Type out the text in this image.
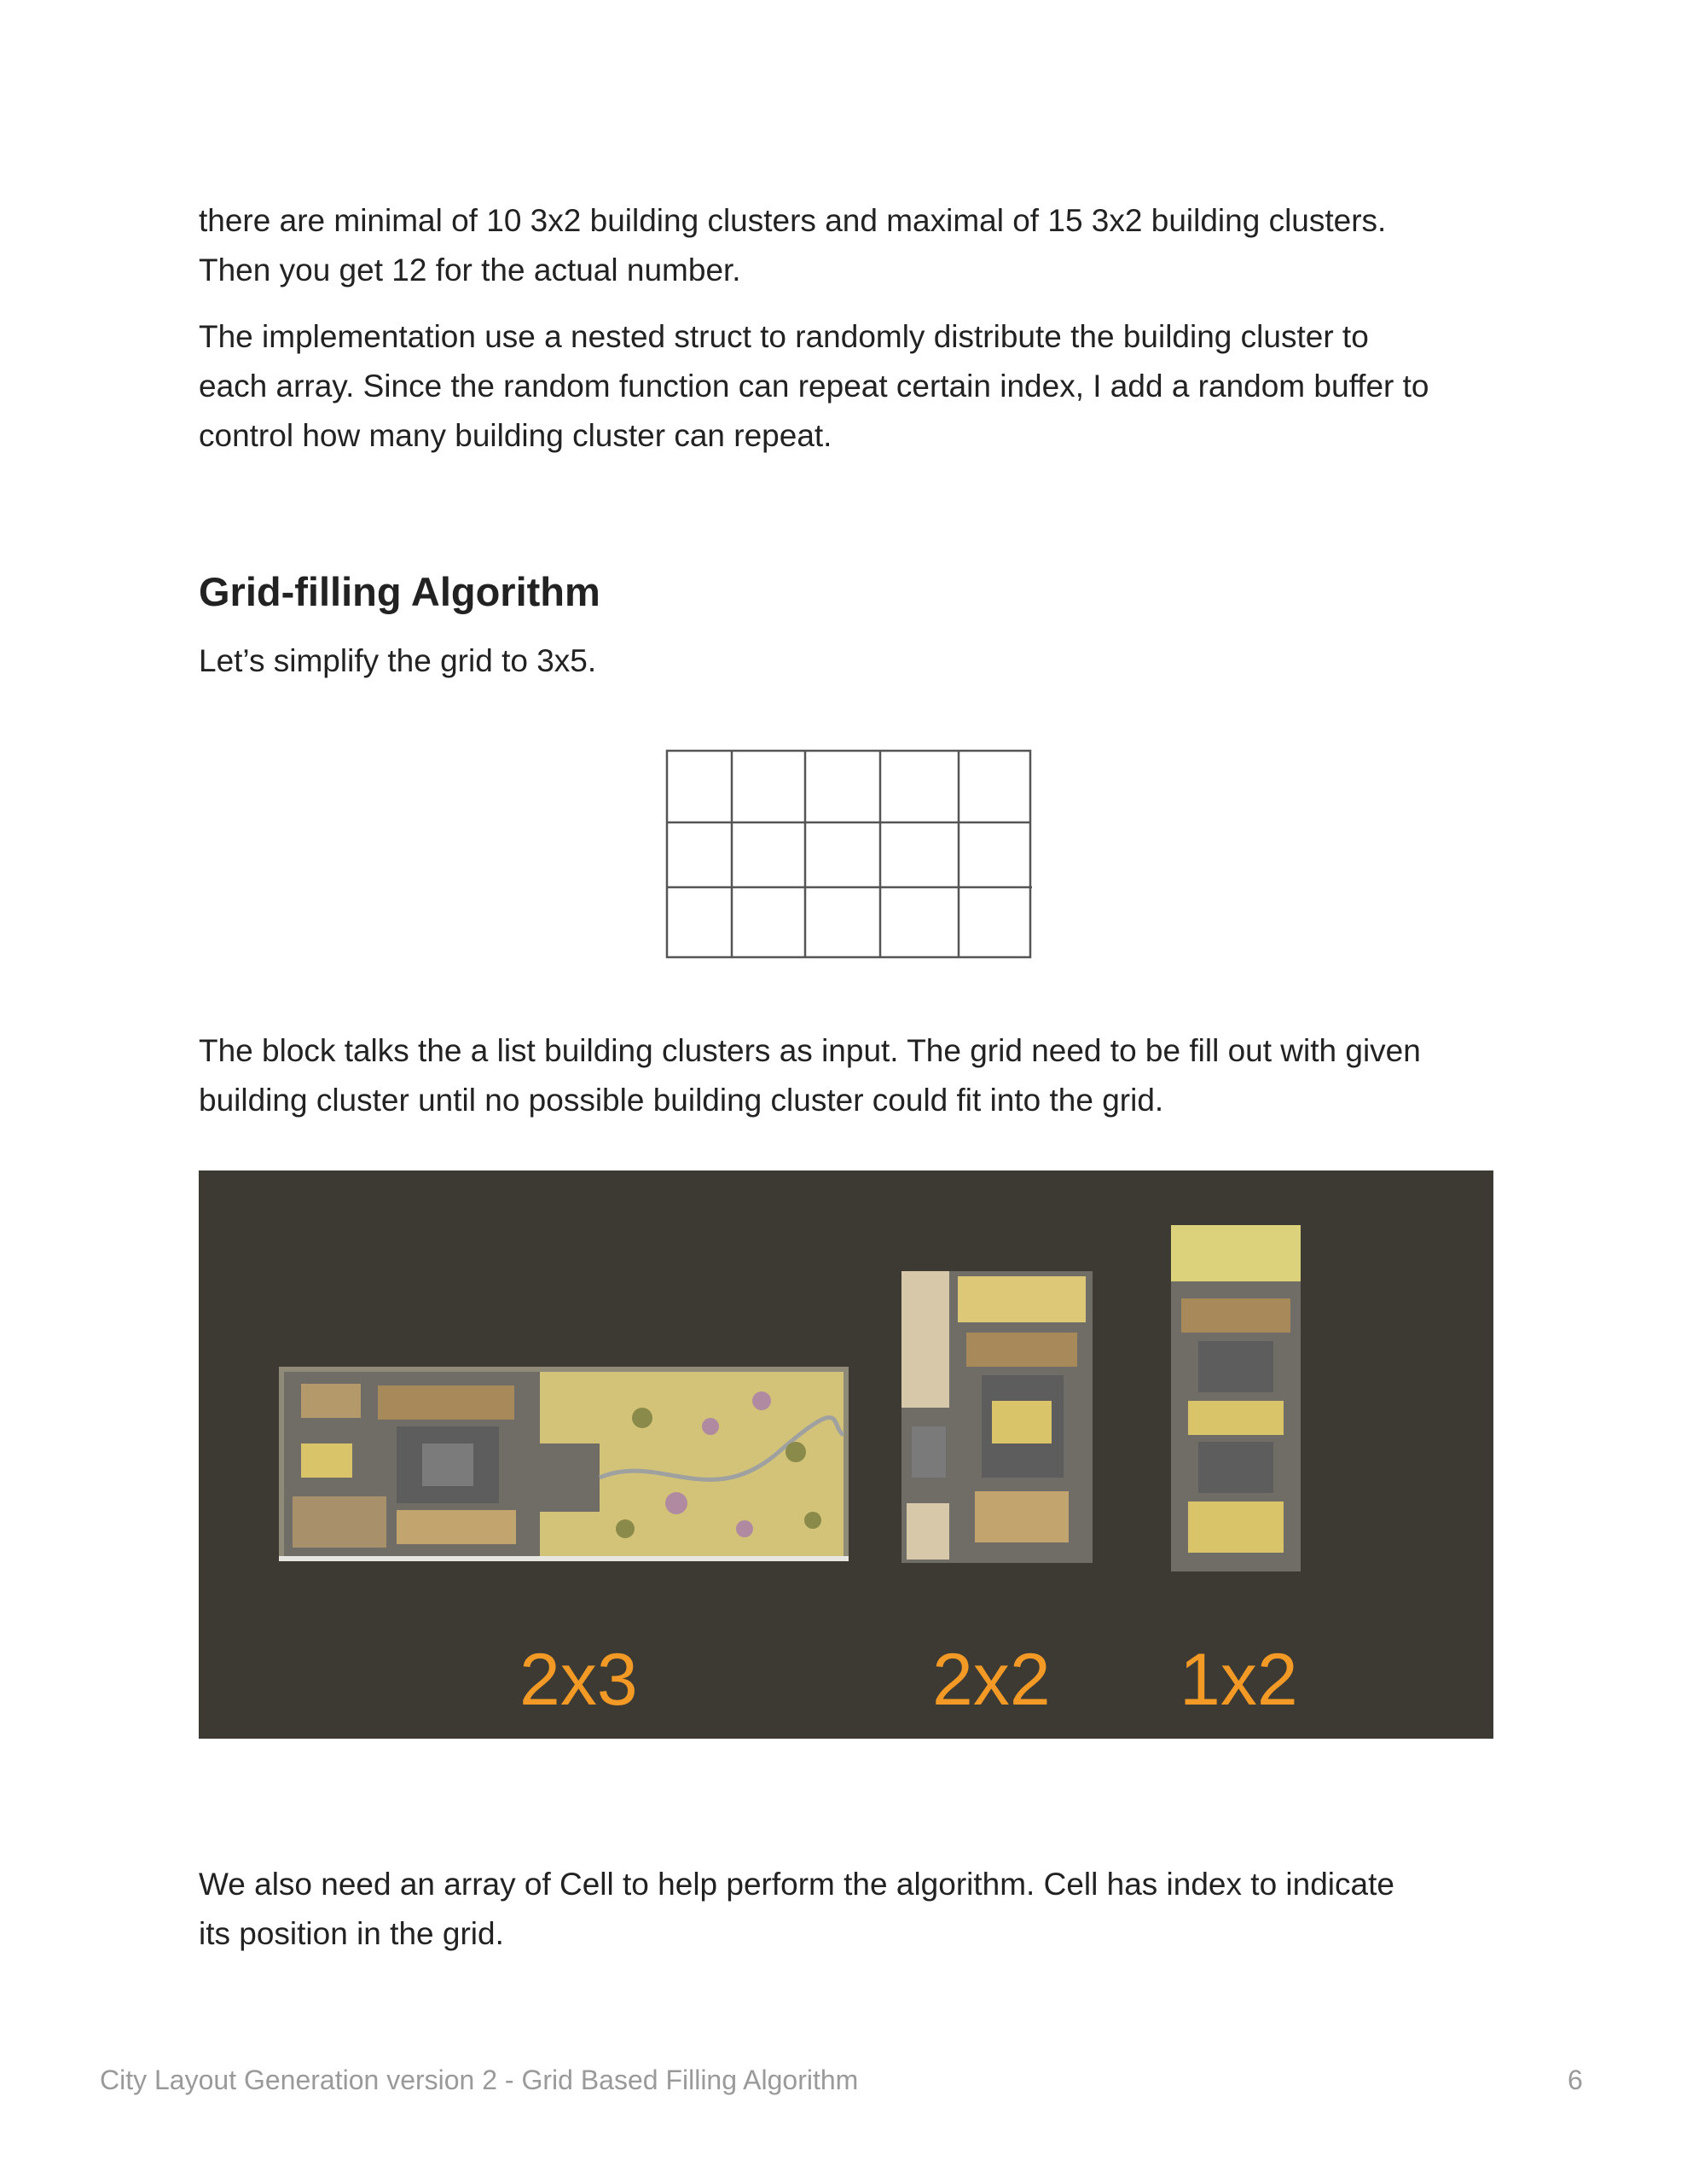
there are minimal of 10 3x2 building clusters and maximal of 15 3x2 building clusters.
Then you get 12 for the actual number.

The implementation use a nested struct to randomly distribute the building cluster to
each array. Since the random function can repeat certain index, I add a random buffer to
control how many building cluster can repeat.

Grid-filling Algorithm

Let’s simplify the grid to 3x5.

The block talks the a list building clusters as input. The grid need to be fill out with given
building cluster until no possible building cluster could fit into the grid.

2x3	2x2 1x2

We also need an array of Cell to help perform the algorithm. Cell has index to indicate
its position in the grid.

City Layout Generation version 2 - Grid Based Filling Algorithm	6
